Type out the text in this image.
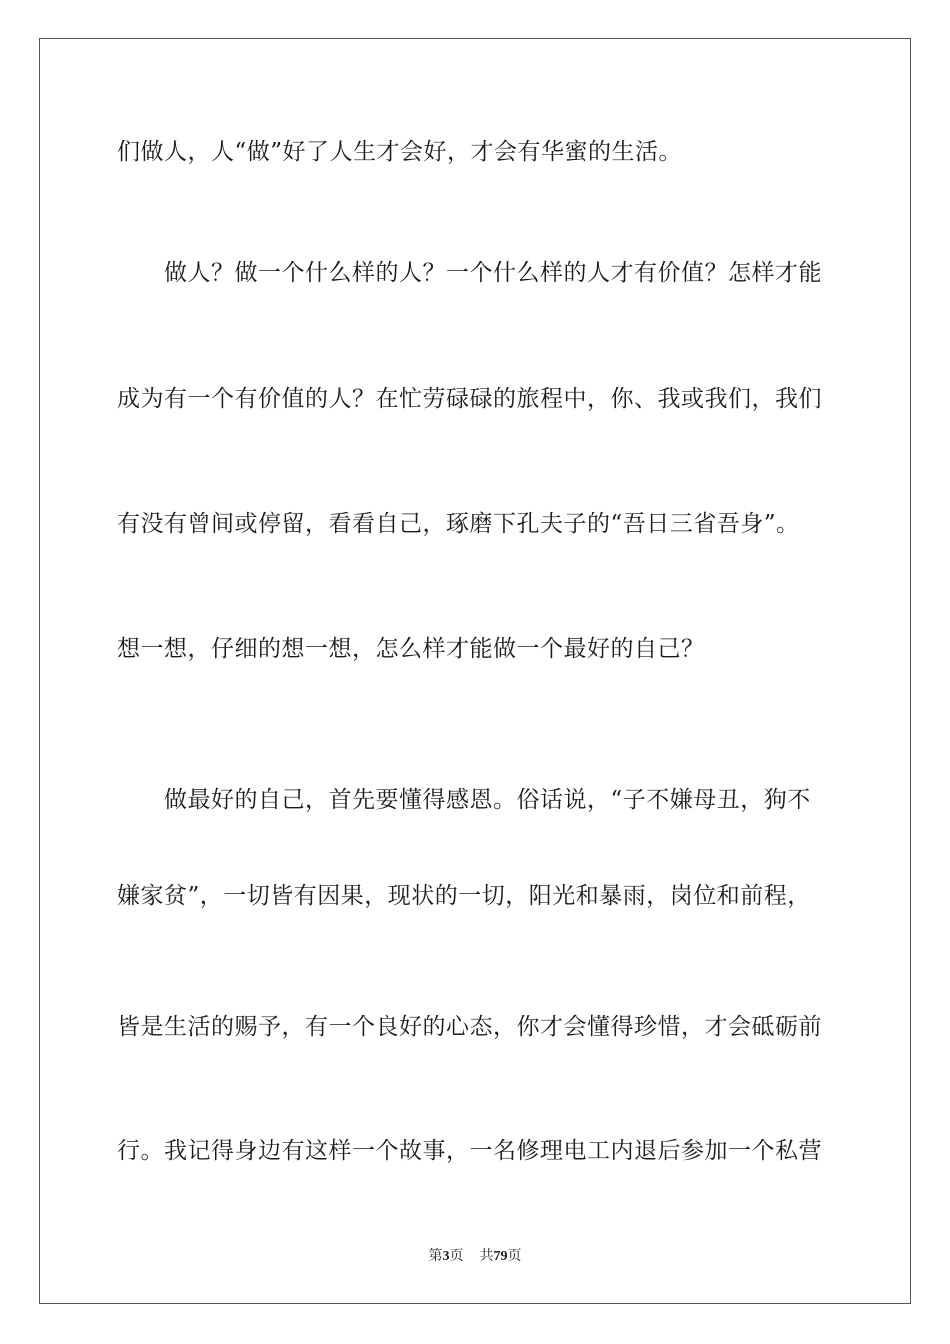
们做人，人“做”好了人生才会好，才会有华蜜的生活。
做人？做一个什么样的人？一个什么样的人才有价值？怎样才能
成为有一个有价值的人？在忙劳碌碌的旅程中，你、我或我们，我们
有没有曾间或停留，看看自己，琢磨下孔夫子的“吾日三省吾身”。
想一想，仔细的想一想，怎么样才能做一个最好的自己？
做最好的自己，首先要懂得感恩。俗话说，“子不嫌母丑，狗不
嫌家贫”，一切皆有因果，现状的一切，阳光和暴雨，岗位和前程，
皆是生活的赐予，有一个良好的心态，你才会懂得珍惜，才会砥砺前
行。我记得身边有这样一个故事，一名修理电工内退后参加一个私营
第3页 共79页
